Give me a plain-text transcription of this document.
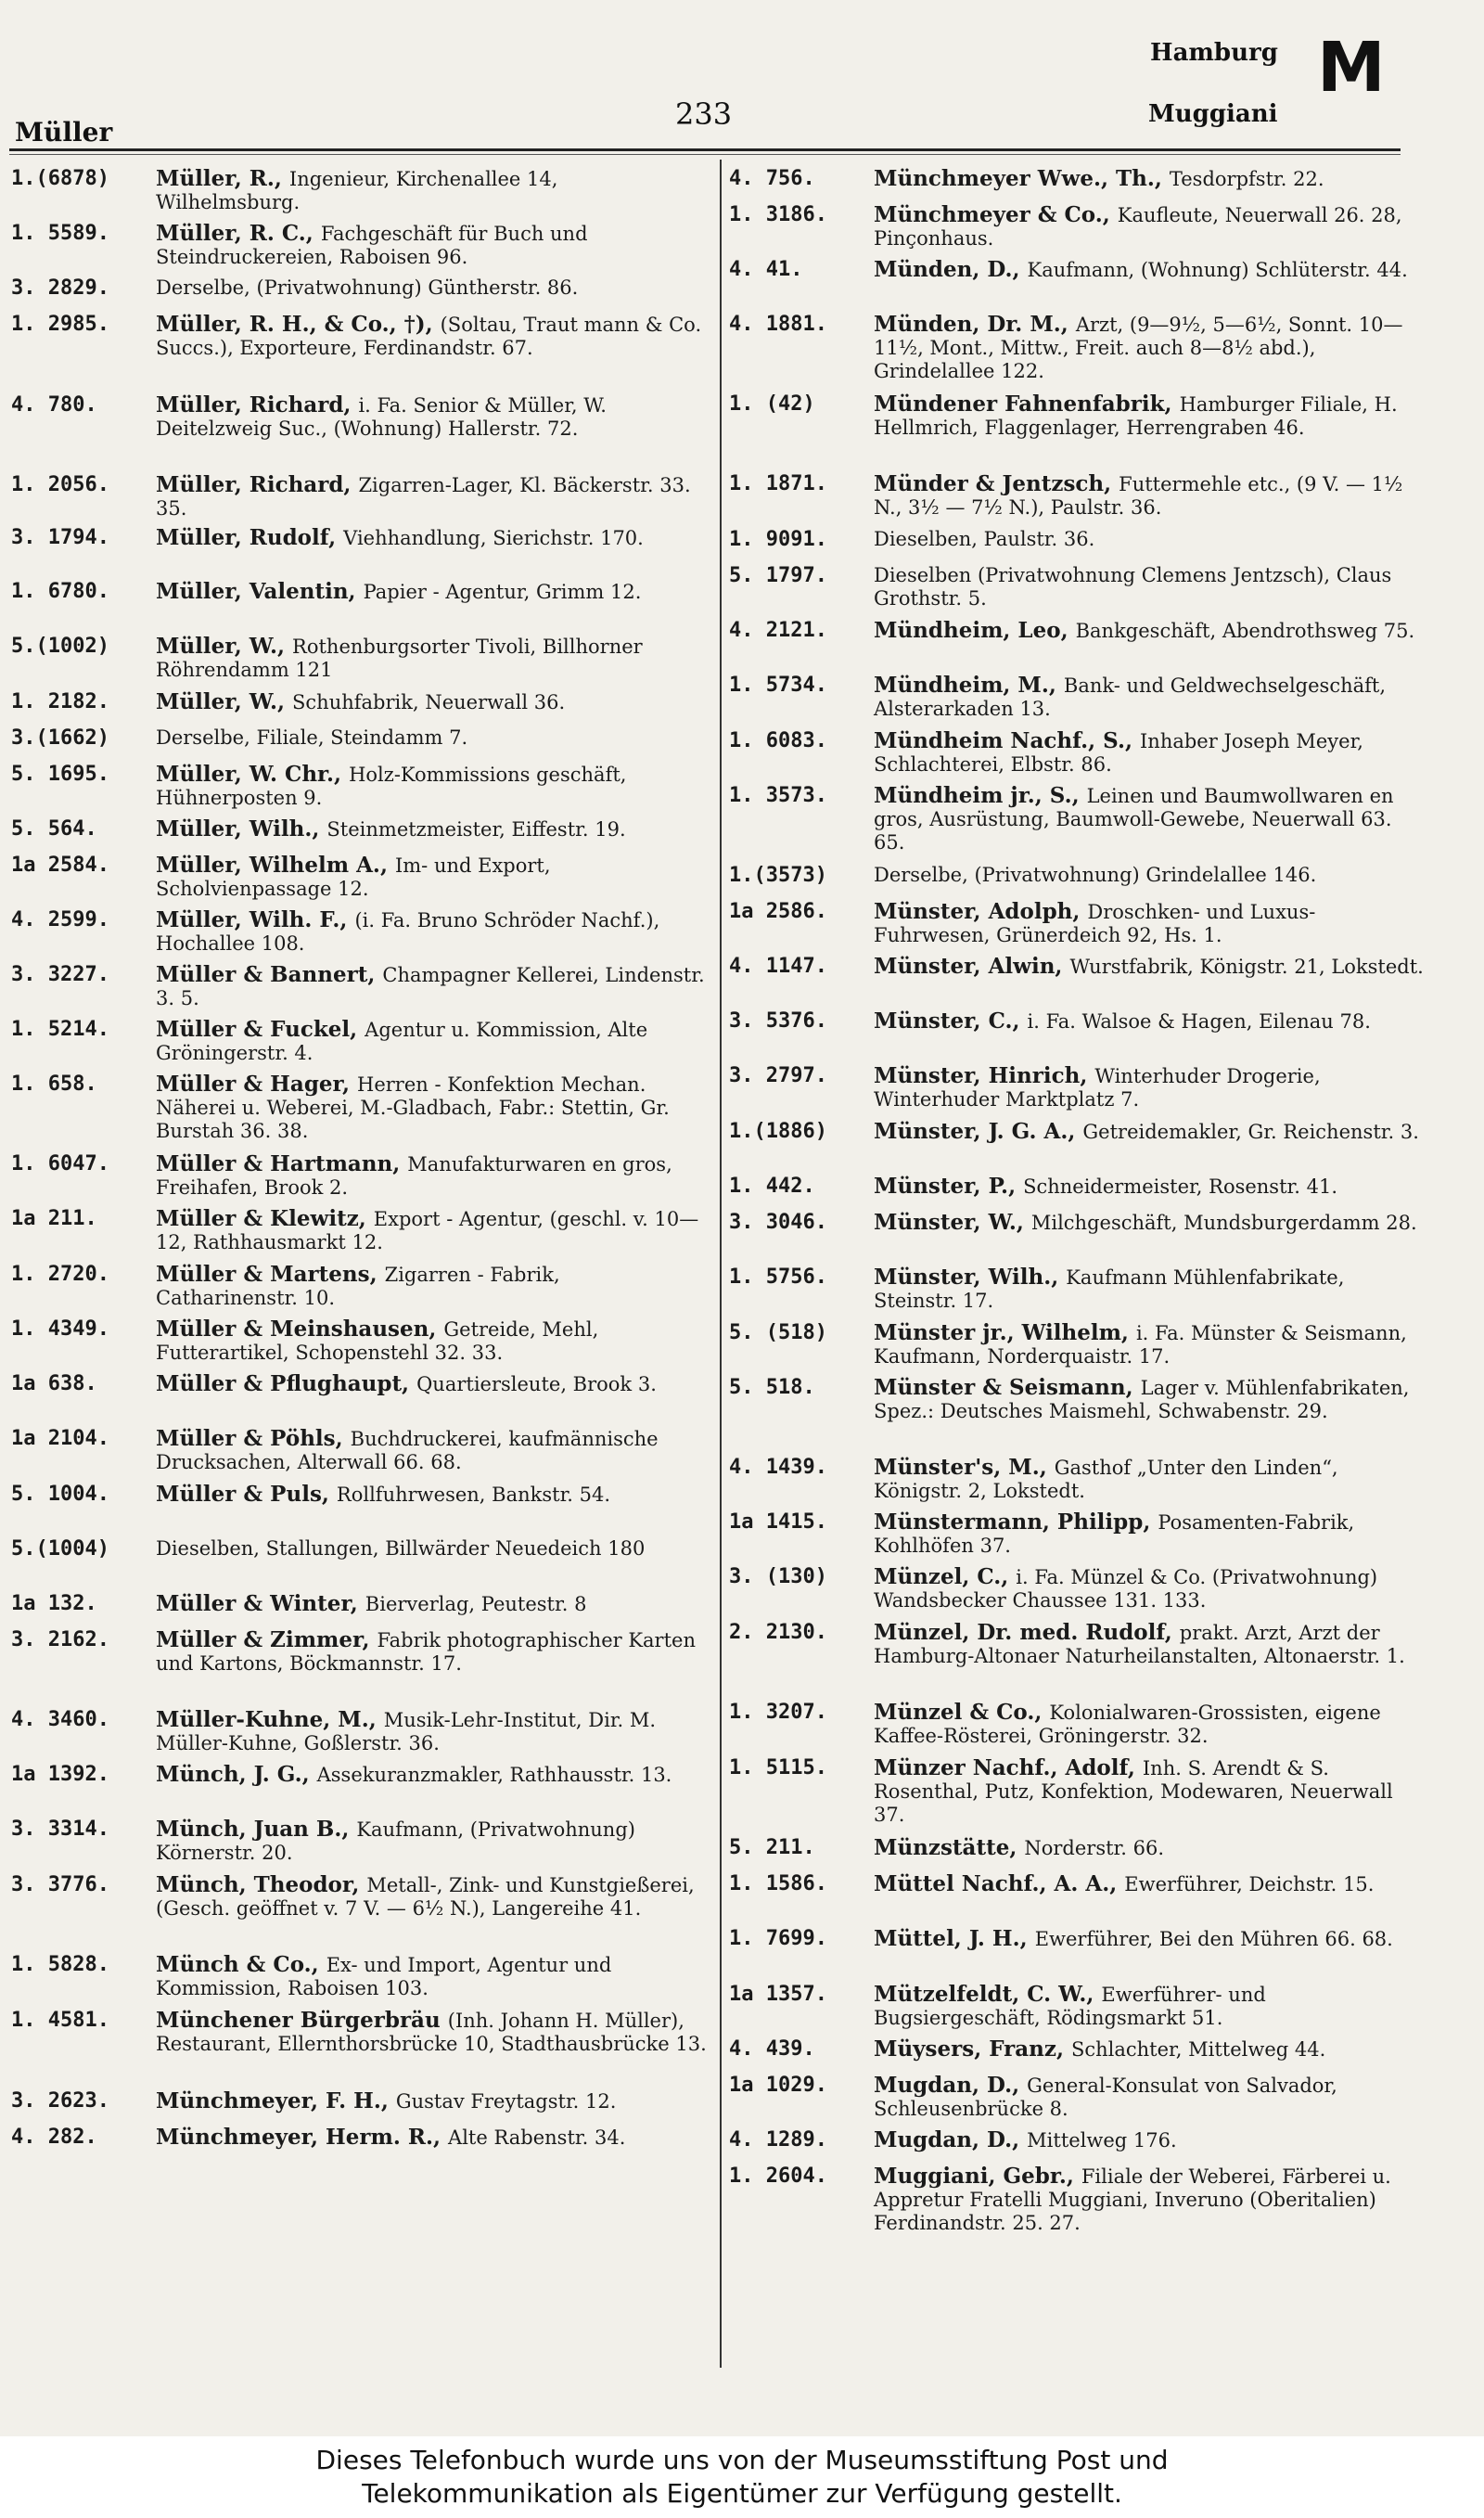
Müller
233
Hamburg
Muggiani
M
1.(6878)	Müller, R., Ingenieur, Kirchenallee 14, Wilhelmsburg.
1. 5589.	Müller, R. C., Fachgeschäft für Buch und Steindruckereien, Raboisen 96.
3. 2829.	Derselbe, (Privatwohnung) Güntherstr. 86.
1. 2985.	Müller, R. H., & Co., †), (Soltau, Traut mann & Co. Succs.), Exporteure, Ferdinandstr. 67.
4. 780.	Müller, Richard, i. Fa. Senior & Müller, W. Deitelzweig Suc., (Wohnung) Hallerstr. 72.
1. 2056.	Müller, Richard, Zigarren-Lager, Kl. Bäckerstr. 33. 35.
3. 1794.	Müller, Rudolf, Viehhandlung, Sierichstr. 170.
1. 6780.	Müller, Valentin, Papier - Agentur, Grimm 12.
5.(1002)	Müller, W., Rothenburgsorter Tivoli, Billhorner Röhrendamm 121
1. 2182.	Müller, W., Schuhfabrik, Neuerwall 36.
3.(1662)	Derselbe, Filiale, Steindamm 7.
5. 1695.	Müller, W. Chr., Holz-Kommissions geschäft, Hühnerposten 9.
5. 564.	Müller, Wilh., Steinmetzmeister, Eiffestr. 19.
1a 2584.	Müller, Wilhelm A., Im- und Export, Scholvienpassage 12.
4. 2599.	Müller, Wilh. F., (i. Fa. Bruno Schröder Nachf.), Hochallee 108.
3. 3227.	Müller & Bannert, Champagner Kellerei, Lindenstr. 3. 5.
1. 5214.	Müller & Fuckel, Agentur u. Kommission, Alte Gröningerstr. 4.
1. 658.	Müller & Hager, Herren - Konfektion Mechan. Näherei u. Weberei, M.-Gladbach, Fabr.: Stettin, Gr. Burstah 36. 38.
1. 6047.	Müller & Hartmann, Manufakturwaren en gros, Freihafen, Brook 2.
1a 211.	Müller & Klewitz, Export - Agentur, (geschl. v. 10—12, Rathhausmarkt 12.
1. 2720.	Müller & Martens, Zigarren - Fabrik, Catharinenstr. 10.
1. 4349.	Müller & Meinshausen, Getreide, Mehl, Futterartikel, Schopenstehl 32. 33.
1a 638.	Müller & Pflughaupt, Quartiersleute, Brook 3.
1a 2104.	Müller & Pöhls, Buchdruckerei, kaufmännische Drucksachen, Alterwall 66. 68.
5. 1004.	Müller & Puls, Rollfuhrwesen, Bankstr. 54.
5.(1004)	Dieselben, Stallungen, Billwärder Neuedeich 180
1a 132.	Müller & Winter, Bierverlag, Peutestr. 8
3. 2162.	Müller & Zimmer, Fabrik photographischer Karten und Kartons, Böckmannstr. 17.
4. 3460.	Müller-Kuhne, M., Musik-Lehr-Institut, Dir. M. Müller-Kuhne, Goßlerstr. 36.
1a 1392.	Münch, J. G., Assekuranzmakler, Rathhausstr. 13.
3. 3314.	Münch, Juan B., Kaufmann, (Privatwohnung) Körnerstr. 20.
3. 3776.	Münch, Theodor, Metall-, Zink- und Kunstgießerei, (Gesch. geöffnet v. 7 V. — 6½ N.), Langereihe 41.
1. 5828.	Münch & Co., Ex- und Import, Agentur und Kommission, Raboisen 103.
1. 4581.	Münchener Bürgerbräu (Inh. Johann H. Müller), Restaurant, Ellernthorsbrücke 10, Stadthausbrücke 13.
3. 2623.	Münchmeyer, F. H., Gustav Freytagstr. 12.
4. 282.	Münchmeyer, Herm. R., Alte Rabenstr. 34.
4. 756.	Münchmeyer Wwe., Th., Tesdorpfstr. 22.
1. 3186.	Münchmeyer & Co., Kaufleute, Neuerwall 26. 28, Pinçonhaus.
4. 41.	Münden, D., Kaufmann, (Wohnung) Schlüterstr. 44.
4. 1881.	Münden, Dr. M., Arzt, (9—9½, 5—6½, Sonnt. 10—11½, Mont., Mittw., Freit. auch 8—8½ abd.), Grindelallee 122.
1. (42)	Mündener Fahnenfabrik, Hamburger Filiale, H. Hellmrich, Flaggenlager, Herrengraben 46.
1. 1871.	Münder & Jentzsch, Futtermehle etc., (9 V. — 1½ N., 3½ — 7½ N.), Paulstr. 36.
1. 9091.	Dieselben, Paulstr. 36.
5. 1797.	Dieselben (Privatwohnung Clemens Jentzsch), Claus Grothstr. 5.
4. 2121.	Mündheim, Leo, Bankgeschäft, Abendrothsweg 75.
1. 5734.	Mündheim, M., Bank- und Geldwechselgeschäft, Alsterarkaden 13.
1. 6083.	Mündheim Nachf., S., Inhaber Joseph Meyer, Schlachterei, Elbstr. 86.
1. 3573.	Mündheim jr., S., Leinen und Baumwollwaren en gros, Ausrüstung, Baumwoll-Gewebe, Neuerwall 63. 65.
1.(3573)	Derselbe, (Privatwohnung) Grindelallee 146.
1a 2586.	Münster, Adolph, Droschken- und Luxus-Fuhrwesen, Grünerdeich 92, Hs. 1.
4. 1147.	Münster, Alwin, Wurstfabrik, Königstr. 21, Lokstedt.
3. 5376.	Münster, C., i. Fa. Walsoe & Hagen, Eilenau 78.
3. 2797.	Münster, Hinrich, Winterhuder Drogerie, Winterhuder Marktplatz 7.
1.(1886)	Münster, J. G. A., Getreidemakler, Gr. Reichenstr. 3.
1. 442.	Münster, P., Schneidermeister, Rosenstr. 41.
3. 3046.	Münster, W., Milchgeschäft, Mundsburgerdamm 28.
1. 5756.	Münster, Wilh., Kaufmann Mühlenfabrikate, Steinstr. 17.
5. (518)	Münster jr., Wilhelm, i. Fa. Münster & Seismann, Kaufmann, Norderquaistr. 17.
5. 518.	Münster & Seismann, Lager v. Mühlenfabrikaten, Spez.: Deutsches Maismehl, Schwabenstr. 29.
4. 1439.	Münster's, M., Gasthof „Unter den Linden“, Königstr. 2, Lokstedt.
1a 1415.	Münstermann, Philipp, Posamenten-Fabrik, Kohlhöfen 37.
3. (130)	Münzel, C., i. Fa. Münzel & Co. (Privatwohnung) Wandsbecker Chaussee 131. 133.
2. 2130.	Münzel, Dr. med. Rudolf, prakt. Arzt, Arzt der Hamburg-Altonaer Naturheilanstalten, Altonaerstr. 1.
1. 3207.	Münzel & Co., Kolonialwaren-Grossisten, eigene Kaffee-Rösterei, Gröningerstr. 32.
1. 5115.	Münzer Nachf., Adolf, Inh. S. Arendt & S. Rosenthal, Putz, Konfektion, Modewaren, Neuerwall 37.
5. 211.	Münzstätte, Norderstr. 66.
1. 1586.	Müttel Nachf., A. A., Ewerführer, Deichstr. 15.
1. 7699.	Müttel, J. H., Ewerführer, Bei den Mühren 66. 68.
1a 1357.	Mützelfeldt, C. W., Ewerführer- und Bugsiergeschäft, Rödingsmarkt 51.
4. 439.	Müysers, Franz, Schlachter, Mittelweg 44.
1a 1029.	Mugdan, D., General-Konsulat von Salvador, Schleusenbrücke 8.
4. 1289.	Mugdan, D., Mittelweg 176.
1. 2604.	Muggiani, Gebr., Filiale der Weberei, Färberei u. Appretur Fratelli Muggiani, Inveruno (Oberitalien) Ferdinandstr. 25. 27.
Dieses Telefonbuch wurde uns von der Museumsstiftung Post und
Telekommunikation als Eigentümer zur Verfügung gestellt.
